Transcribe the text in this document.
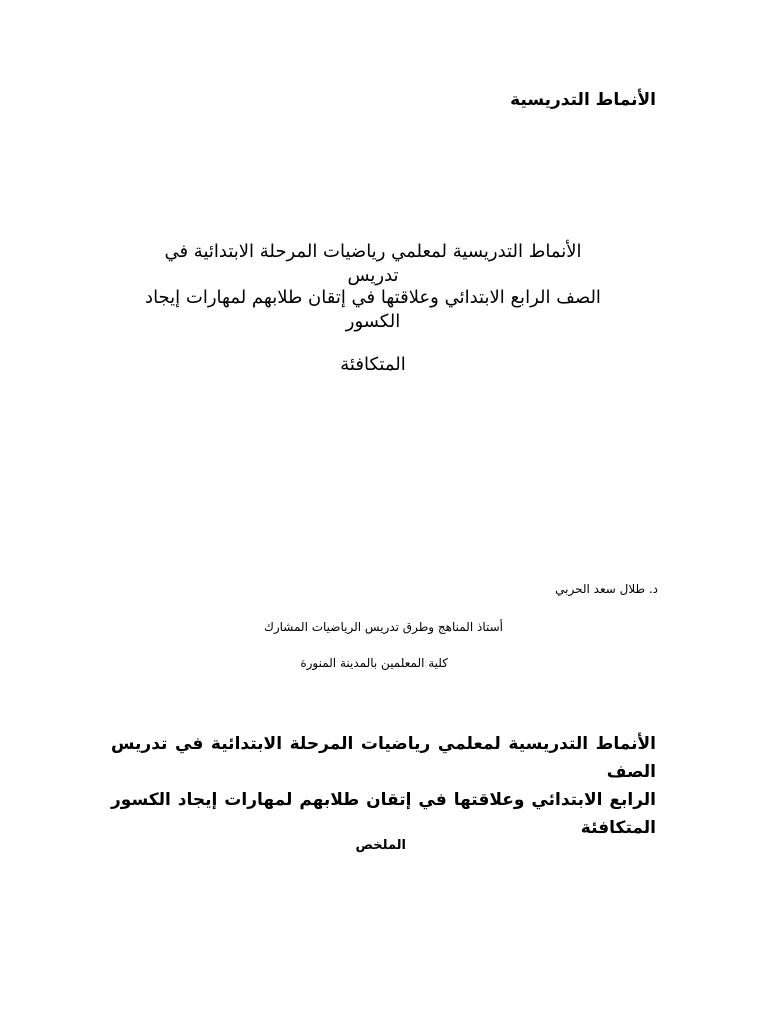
الأنماط التدريسية

الأنماط التدريسية لمعلمي رياضيات المرحلة الابتدائية في تدريس

الصف الرابع الابتدائي وعلاقتها في إتقان طلابهم لمهارات إيجاد الكسور

المتكافئة

د. طلال سعد الحربي

أستاذ المناهج وطرق تدريس الرياضيات المشارك

كلية المعلمين بالمدينة المنورة

الأنماط التدريسية لمعلمي رياضيات المرحلة الابتدائية في تدريس الصف
الرابع الابتدائي وعلاقتها في إتقان طلابهم لمهارات إيجاد الكسور المتكافئة

الملخص
